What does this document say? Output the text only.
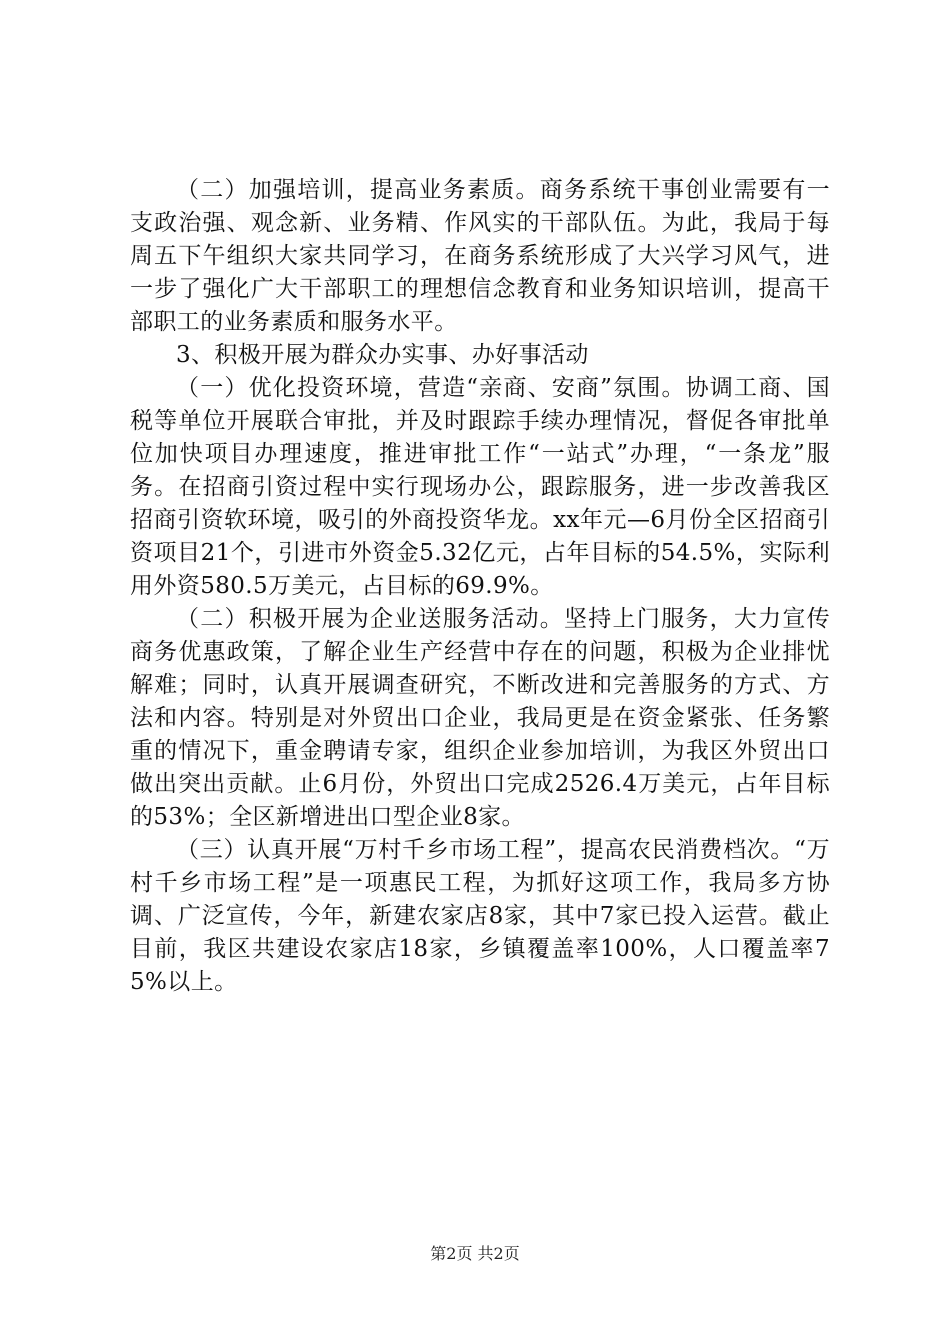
（二）加强培训，提高业务素质。商务系统干事创业需要有一支政治强、观念新、业务精、作风实的干部队伍。为此，我局于每周五下午组织大家共同学习，在商务系统形成了大兴学习风气，进一步了强化广大干部职工的理想信念教育和业务知识培训，提高干部职工的业务素质和服务水平。

3、积极开展为群众办实事、办好事活动

（一）优化投资环境，营造“亲商、安商”氛围。协调工商、国税等单位开展联合审批，并及时跟踪手续办理情况，督促各审批单位加快项目办理速度，推进审批工作“一站式”办理，“一条龙”服务。在招商引资过程中实行现场办公，跟踪服务，进一步改善我区招商引资软环境，吸引的外商投资华龙。xx年元—6月份全区招商引资项目21个，引进市外资金5.32亿元，占年目标的54.5%，实际利用外资580.5万美元，占目标的69.9%。

（二）积极开展为企业送服务活动。坚持上门服务，大力宣传商务优惠政策，了解企业生产经营中存在的问题，积极为企业排忧解难；同时，认真开展调查研究，不断改进和完善服务的方式、方法和内容。特别是对外贸出口企业，我局更是在资金紧张、任务繁重的情况下，重金聘请专家，组织企业参加培训，为我区外贸出口做出突出贡献。止6月份，外贸出口完成2526.4万美元，占年目标的53%；全区新增进出口型企业8家。

（三）认真开展“万村千乡市场工程”，提高农民消费档次。“万村千乡市场工程”是一项惠民工程，为抓好这项工作，我局多方协调、广泛宣传，今年，新建农家店8家，其中7家已投入运营。截止目前，我区共建设农家店18家，乡镇覆盖率100%，人口覆盖率75%以上。

第2页 共2页
